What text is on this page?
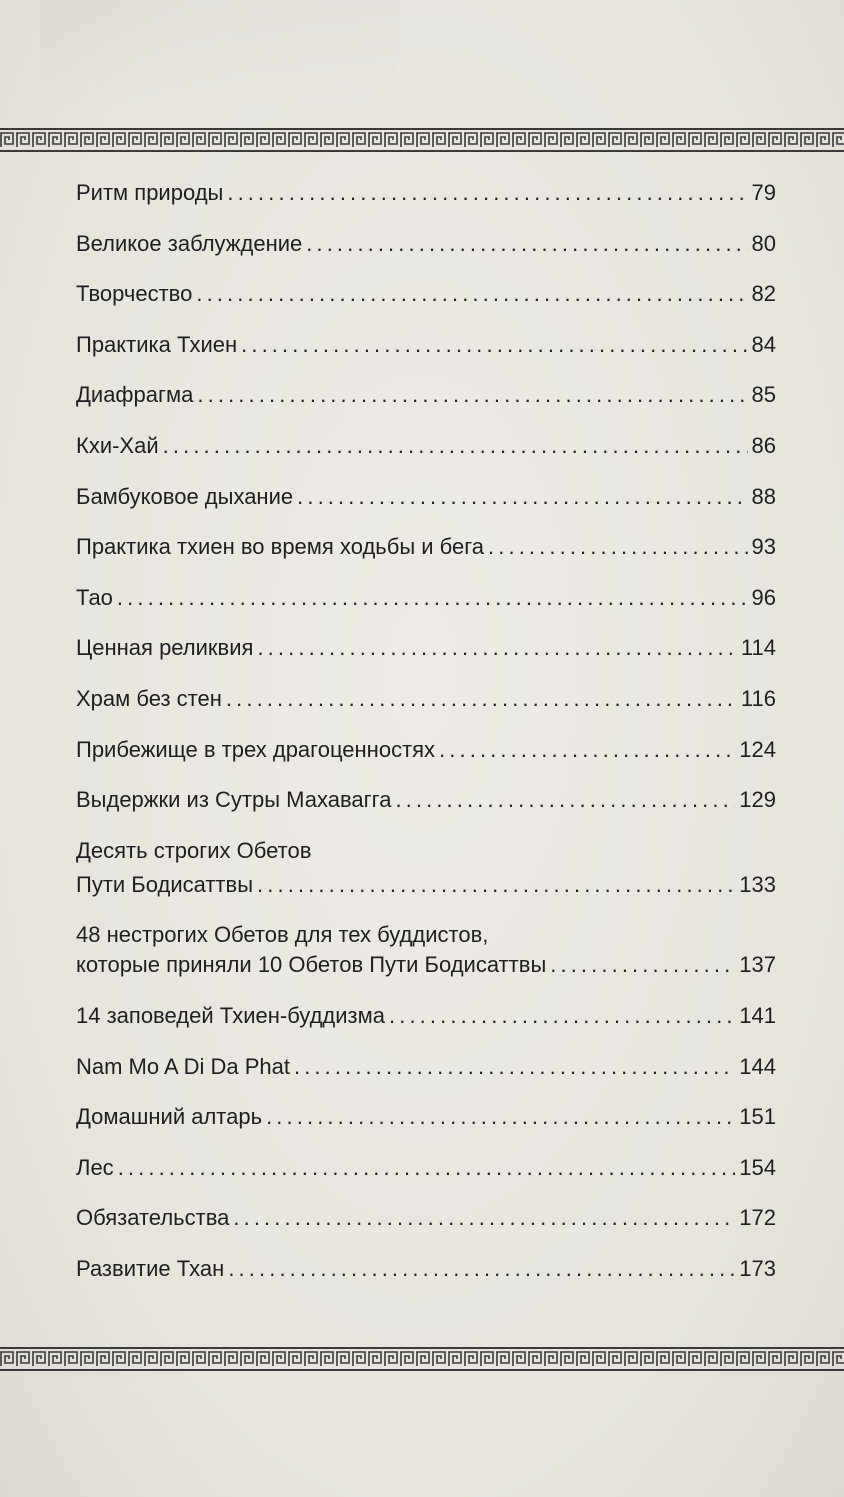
Ритм природы . . .	79
Великое заблуждение . . .	80
Творчество . . .	82
Практика Тхиен . . .	84
Диафрагма . . .	85
Кхи-Хай . . .	86
Бамбуковое дыхание . . .	88
Практика тхиен во время ходьбы и бега . . .	93
Тао . . .	96
Ценная реликвия . . .	114
Храм без стен . . .	116
Прибежище в трех драгоценностях . . .	124
Выдержки из Сутры Махавагга . . .	129
Десять строгих Обетов
Пути Бодисаттвы . . .	133
48 нестрогих Обетов для тех буддистов,
которые приняли 10 Обетов Пути Бодисаттвы . . .	137
14 заповедей Тхиен-буддизма . . .	141
Nam Mo A Di Da Phat . . .	144
Домашний алтарь . . .	151
Лес . . .	154
Обязательства . . .	172
Развитие Тхан . . .	173
